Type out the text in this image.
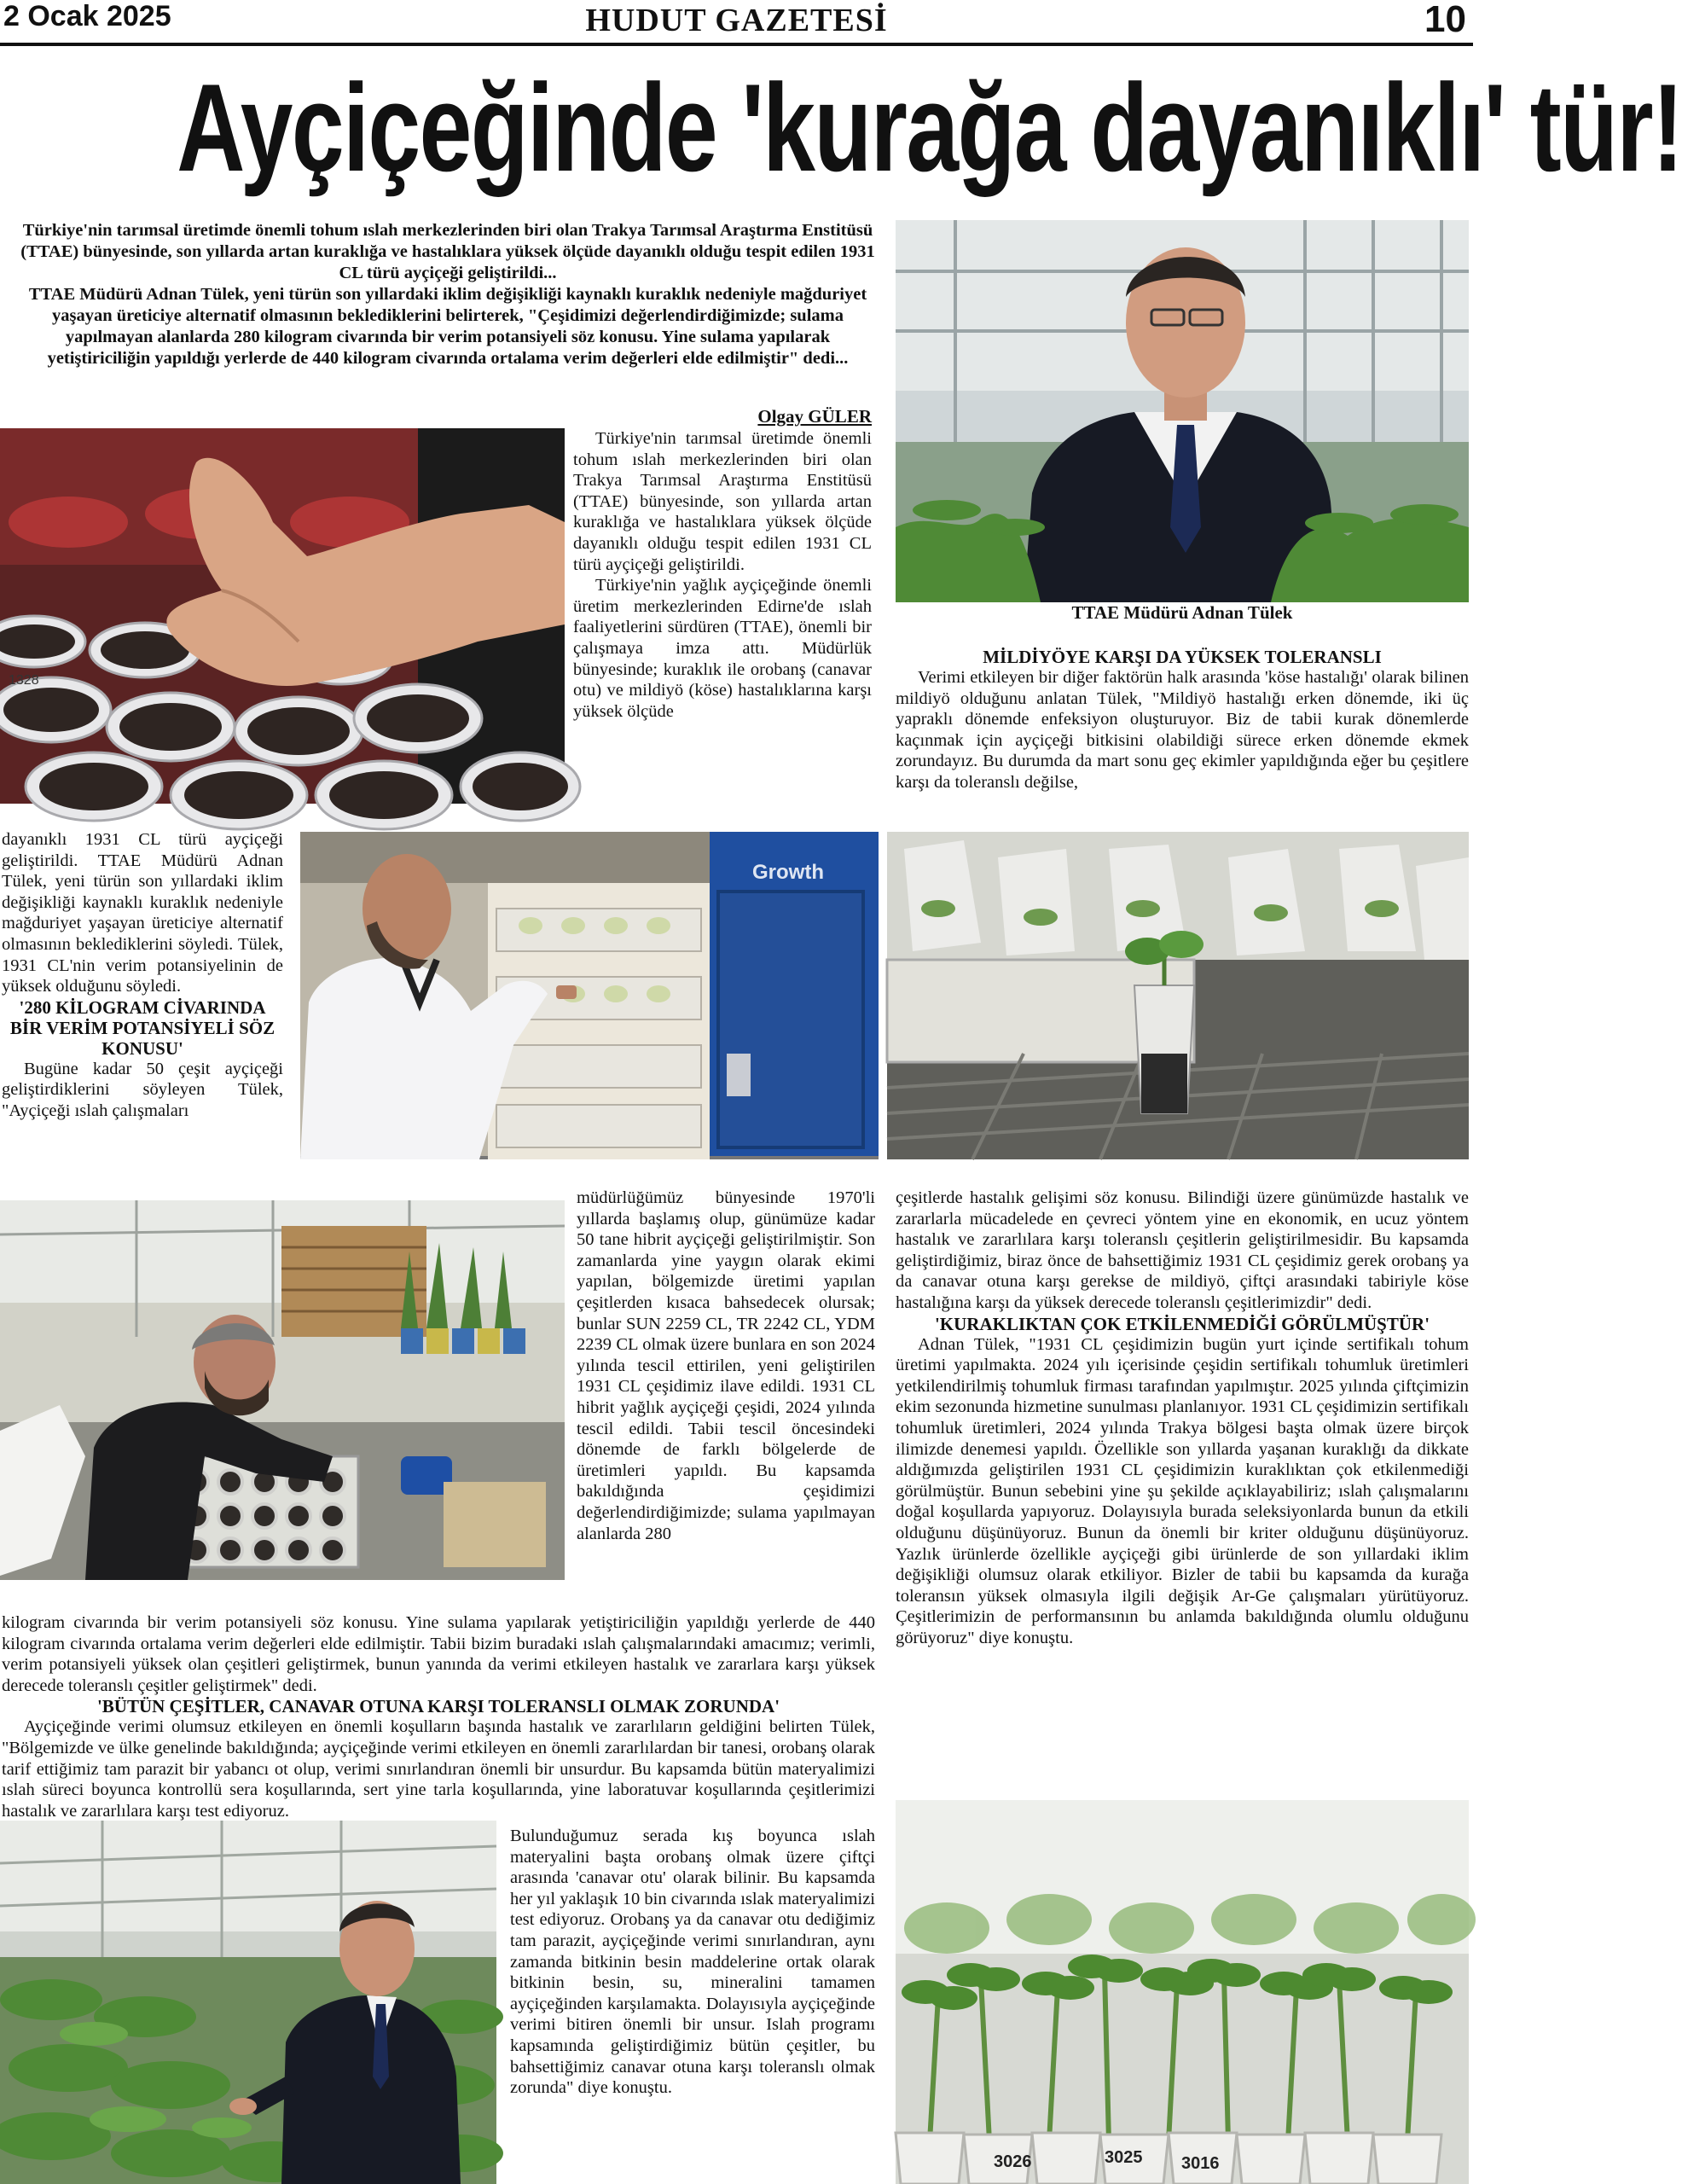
2 Ocak 2025	HUDUT GAZETESİ	10
Ayçiçeğinde 'kurağa dayanıklı' tür!

Türkiye'nin tarımsal üretimde önemli tohum ıslah merkezlerinden biri olan Trakya Tarımsal Araştırma Enstitüsü (TTAE) bünyesinde, son yıllarda artan kuraklığa ve hastalıklara yüksek ölçüde dayanıklı olduğu tespit edilen 1931 CL türü ayçiçeği geliştirildi...

TTAE Müdürü Adnan Tülek, yeni türün son yıllardaki iklim değişikliği kaynaklı kuraklık nedeniyle mağduriyet yaşayan üreticiye alternatif olmasının beklediklerini belirterek, "Çeşidimizi değerlendirdiğimizde; sulama yapılmayan alanlarda 280 kilogram civarında bir verim potansiyeli söz konusu. Yine sulama yapılarak yetiştiriciliğin yapıldığı yerlerde de 440 kilogram civarında ortalama verim değerleri elde edilmiştir" dedi...

1328
Olgay GÜLER

Türkiye'nin tarımsal üretimde önemli tohum ıslah merkezlerinden biri olan Trakya Tarımsal Araştırma Enstitüsü (TTAE) bünyesinde, son yıllarda artan kuraklığa ve hastalıklara yüksek ölçüde dayanıklı olduğu tespit edilen 1931 CL türü ayçiçeği geliştirildi.

Türkiye'nin yağlık ayçiçeğinde önemli üretim merkezlerinden Edirne'de ıslah faaliyetlerini sürdüren (TTAE), önemli bir çalışmaya imza attı. Müdürlük bünyesinde; kuraklık ile orobanş (canavar otu) ve mildiyö (köse) hastalıklarına karşı yüksek ölçüde

TTAE Müdürü Adnan Tülek
MİLDİYÖYE KARŞI DA YÜKSEK TOLERANSLI

Verimi etkileyen bir diğer faktörün halk arasında 'köse hastalığı' olarak bilinen mildiyö olduğunu anlatan Tülek, "Mildiyö hastalığı erken dönemde, iki üç yapraklı dönemde enfeksiyon oluşturuyor. Biz de tabii kurak dönemlerde kaçınmak için ayçiçeği bitkisini olabildiği sürece erken dönemde ekmek zorundayız. Bu durumda da mart sonu geç ekimler yapıldığında eğer bu çeşitlere karşı da toleranslı değilse,

dayanıklı 1931 CL türü ayçiçeği geliştirildi. TTAE Müdürü Adnan Tülek, yeni türün son yıllardaki iklim değişikliği kaynaklı kuraklık nedeniyle mağduriyet yaşayan üreticiye alternatif olmasının beklediklerini söyledi. Tülek, 1931 CL'nin verim potansiyelinin de yüksek olduğunu söyledi.

'280 KİLOGRAM CİVARINDA BİR VERİM POTANSİYELİ SÖZ KONUSU'

Bugüne kadar 50 çeşit ayçiçeği geliştirdiklerini söyleyen Tülek, "Ayçiçeği ıslah çalışmaları

Growth

müdürlüğümüz bünyesinde 1970'li yıllarda başlamış olup, günümüze kadar 50 tane hibrit ayçiçeği geliştirilmiştir. Son zamanlarda yine yaygın olarak ekimi yapılan, bölgemizde üretimi yapılan çeşitlerden kısaca bahsedecek olursak; bunlar SUN 2259 CL, TR 2242 CL, YDM 2239 CL olmak üzere bunlara en son 2024 yılında tescil ettirilen, yeni geliştirilen 1931 CL çeşidimiz ilave edildi. 1931 CL hibrit yağlık ayçiçeği çeşidi, 2024 yılında tescil edildi. Tabii tescil öncesindeki dönemde de farklı bölgelerde de üretimleri yapıldı. Bu kapsamda bakıldığında çeşidimizi değerlendirdiğimizde; sulama yapılmayan alanlarda 280

çeşitlerde hastalık gelişimi söz konusu. Bilindiği üzere günümüzde hastalık ve zararlarla mücadelede en çevreci yöntem yine en ekonomik, en ucuz yöntem hastalık ve zararlılara karşı toleranslı çeşitlerin geliştirilmesidir. Bu kapsamda geliştirdiğimiz, biraz önce de bahsettiğimiz 1931 CL çeşidimiz gerek orobanş ya da canavar otuna karşı gerekse de mildiyö, çiftçi arasındaki tabiriyle köse hastalığına karşı da yüksek derecede toleranslı çeşitlerimizdir" dedi.

'KURAKLIKTAN ÇOK ETKİLENMEDİĞİ GÖRÜLMÜŞTÜR'

Adnan Tülek, "1931 CL çeşidimizin bugün yurt içinde sertifikalı tohum üretimi yapılmakta. 2024 yılı içerisinde çeşidin sertifikalı tohumluk üretimleri yetkilendirilmiş tohumluk firması tarafından yapılmıştır. 2025 yılında çiftçimizin ekim sezonunda hizmetine sunulması planlanıyor. 1931 CL çeşidimizin sertifikalı tohumluk üretimleri, 2024 yılında Trakya bölgesi başta olmak üzere birçok ilimizde denemesi yapıldı. Özellikle son yıllarda yaşanan kuraklığı da dikkate aldığımızda geliştirilen 1931 CL çeşidimizin kuraklıktan çok etkilenmediği görülmüştür. Bunun sebebini yine şu şekilde açıklayabiliriz; ıslah çalışmalarını doğal koşullarda yapıyoruz. Dolayısıyla burada seleksiyonlarda bunun da etkili olduğunu düşünüyoruz. Bunun da önemli bir kriter olduğunu düşünüyoruz. Yazlık ürünlerde özellikle ayçiçeği gibi ürünlerde de son yıllardaki iklim değişikliği olumsuz olarak etkiliyor. Bizler de tabii bu kapsamda da kurağa toleransın yüksek olmasıyla ilgili değişik Ar-Ge çalışmaları yürütüyoruz. Çeşitlerimizin de performansının bu anlamda bakıldığında olumlu olduğunu görüyoruz" diye konuştu.

kilogram civarında bir verim potansiyeli söz konusu. Yine sulama yapılarak yetiştiriciliğin yapıldığı yerlerde de 440 kilogram civarında ortalama verim değerleri elde edilmiştir. Tabii bizim buradaki ıslah çalışmalarındaki amacımız; verimli, verim potansiyeli yüksek olan çeşitleri geliştirmek, bunun yanında da verimi etkileyen hastalık ve zararlara karşı yüksek derecede toleranslı çeşitler geliştirmek" dedi.

'BÜTÜN ÇEŞİTLER, CANAVAR OTUNA KARŞI TOLERANSLI OLMAK ZORUNDA'

Ayçiçeğinde verimi olumsuz etkileyen en önemli koşulların başında hastalık ve zararlıların geldiğini belirten Tülek, "Bölgemizde ve ülke genelinde bakıldığında; ayçiçeğinde verimi etkileyen en önemli zararlılardan bir tanesi, orobanş olarak tarif ettiğimiz tam parazit bir yabancı ot olup, verimi sınırlandıran önemli bir unsurdur. Bu kapsamda bütün materyalimizi ıslah süreci boyunca kontrollü sera koşullarında, sert yine tarla koşullarında, yine laboratuvar koşullarında çeşitlerimizi hastalık ve zararlılara karşı test ediyoruz.

Bulunduğumuz serada kış boyunca ıslah materyalini başta orobanş olmak üzere çiftçi arasında 'canavar otu' olarak bilinir. Bu kapsamda her yıl yaklaşık 10 bin civarında ıslak materyalimizi test ediyoruz. Orobanş ya da canavar otu dediğimiz tam parazit, ayçiçeğinde verimi sınırlandıran, aynı zamanda bitkinin besin maddelerine ortak olarak bitkinin besin, su, mineralini tamamen ayçiçeğinden karşılamakta. Dolayısıyla ayçiçeğinde verimi bitiren önemli bir unsur. Islah programı kapsamında geliştirdiğimiz bütün çeşitler, bu bahsettiğimiz canavar otuna karşı toleranslı olmak zorunda" diye konuştu.

3026	3025 3016
